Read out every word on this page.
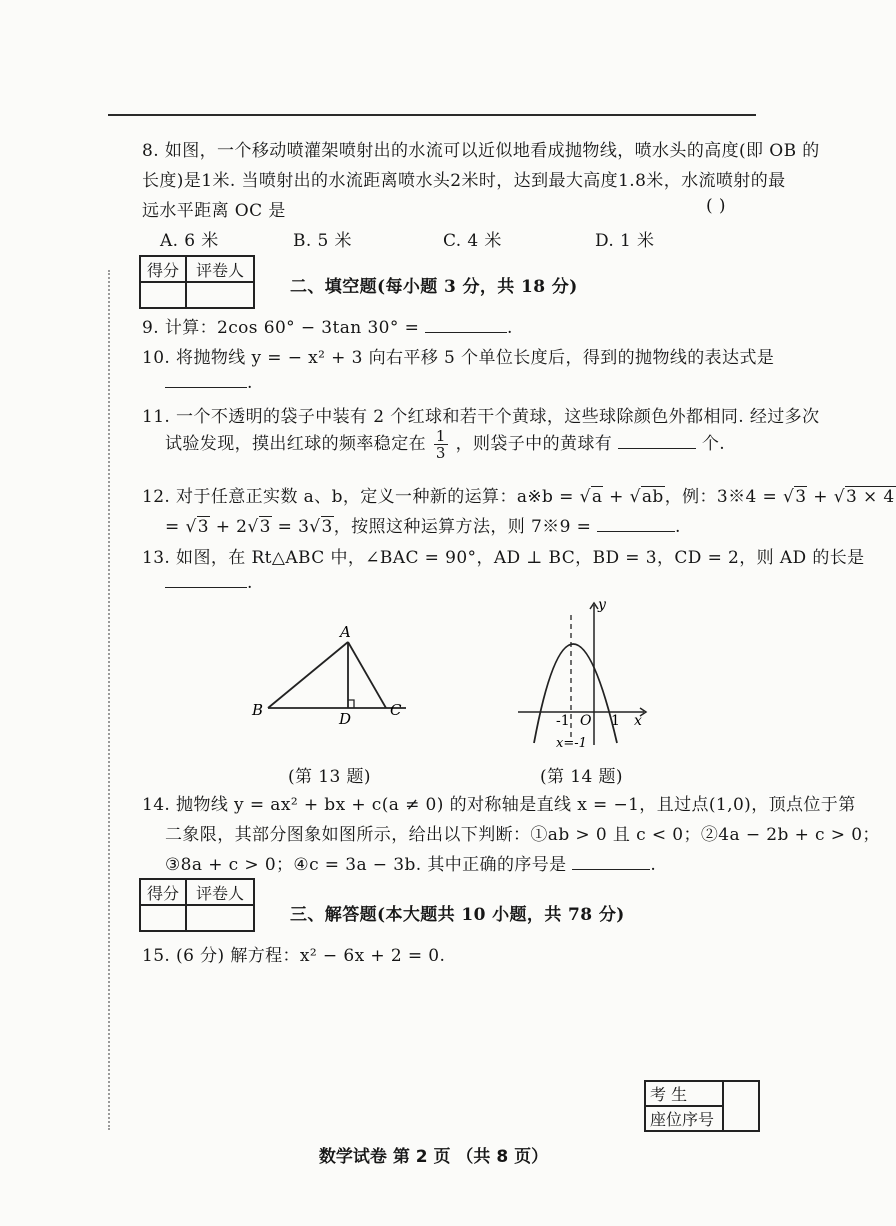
8. 如图，一个移动喷灌架喷射出的水流可以近似地看成抛物线，喷水头的高度(即 OB 的
长度)是1米. 当喷射出的水流距离喷水头2米时，达到最大高度1.8米，水流喷射的最
远水平距离 OC 是	( )
A. 6 米	B. 5 米	C. 4 米	D. 1 米
得分	评卷人

二、填空题(每小题 3 分，共 18 分)
9. 计算：2cos 60° − 3tan 30° =	.
10. 将抛物线 y = − x² + 3 向右平移 5 个单位长度后，得到的抛物线的表达式是
.
11. 一个不透明的袋子中装有 2 个红球和若干个黄球，这些球除颜色外都相同. 经过多次
试验发现，摸出红球的频率稳定在 $\frac{1}{3}$ ，则袋子中的黄球有	个.
12. 对于任意正实数 a、b，定义一种新的运算：a※b = √a + √ab，例：3※4 = √3 + √3 × 4
= √3 + 2√3 = 3√3，按照这种运算方法，则 7※9 =	.
13. 如图，在 Rt△ABC 中，∠BAC = 90°，AD ⊥ BC，BD = 3，CD = 2，则 AD 的长是
.
A
B	C
D
(第 13 题)
y
x
O
-1	1
x=-1
(第 14 题)
14. 抛物线 y = ax² + bx + c(a ≠ 0) 的对称轴是直线 x = −1，且过点(1,0)，顶点位于第
二象限，其部分图象如图所示，给出以下判断：①ab > 0 且 c < 0；②4a − 2b + c > 0；
③8a + c > 0；④c = 3a − 3b. 其中正确的序号是	.
得分	评卷人

三、解答题(本大题共 10 小题，共 78 分)
15. (6 分) 解方程：x² − 6x + 2 = 0.
考 生	
座位序号
数学试卷 第 2 页 （共 8 页）
